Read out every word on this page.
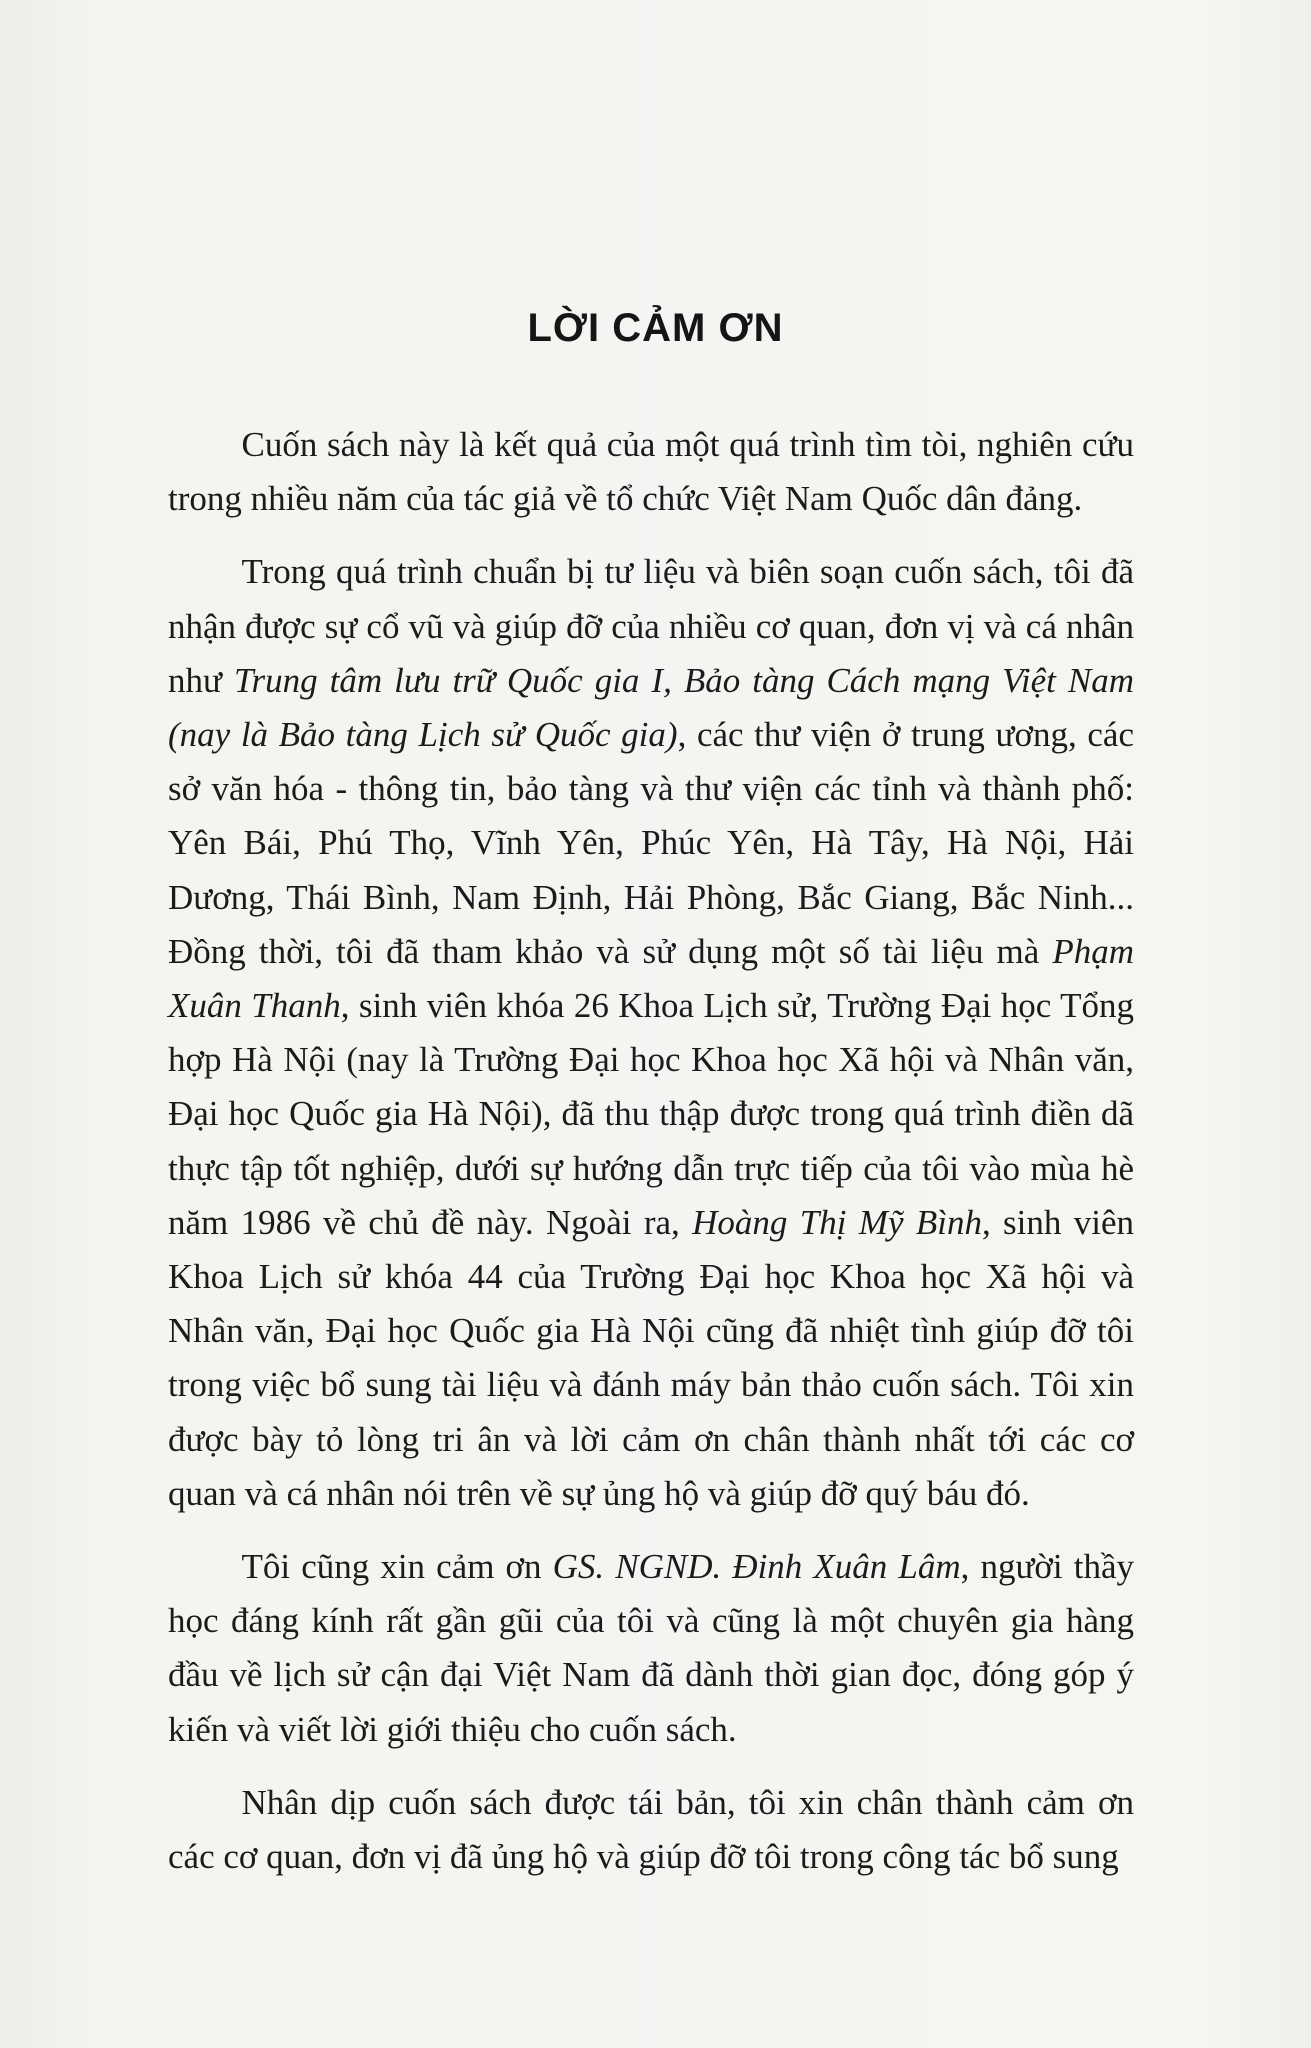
LỜI CẢM ƠN

Cuốn sách này là kết quả của một quá trình tìm tòi, nghiên cứu trong nhiều năm của tác giả về tổ chức Việt Nam Quốc dân đảng.

Trong quá trình chuẩn bị tư liệu và biên soạn cuốn sách, tôi đã nhận được sự cổ vũ và giúp đỡ của nhiều cơ quan, đơn vị và cá nhân như Trung tâm lưu trữ Quốc gia I, Bảo tàng Cách mạng Việt Nam (nay là Bảo tàng Lịch sử Quốc gia), các thư viện ở trung ương, các sở văn hóa - thông tin, bảo tàng và thư viện các tỉnh và thành phố: Yên Bái, Phú Thọ, Vĩnh Yên, Phúc Yên, Hà Tây, Hà Nội, Hải Dương, Thái Bình, Nam Định, Hải Phòng, Bắc Giang, Bắc Ninh... Đồng thời, tôi đã tham khảo và sử dụng một số tài liệu mà Phạm Xuân Thanh, sinh viên khóa 26 Khoa Lịch sử, Trường Đại học Tổng hợp Hà Nội (nay là Trường Đại học Khoa học Xã hội và Nhân văn, Đại học Quốc gia Hà Nội), đã thu thập được trong quá trình điền dã thực tập tốt nghiệp, dưới sự hướng dẫn trực tiếp của tôi vào mùa hè năm 1986 về chủ đề này. Ngoài ra, Hoàng Thị Mỹ Bình, sinh viên Khoa Lịch sử khóa 44 của Trường Đại học Khoa học Xã hội và Nhân văn, Đại học Quốc gia Hà Nội cũng đã nhiệt tình giúp đỡ tôi trong việc bổ sung tài liệu và đánh máy bản thảo cuốn sách. Tôi xin được bày tỏ lòng tri ân và lời cảm ơn chân thành nhất tới các cơ quan và cá nhân nói trên về sự ủng hộ và giúp đỡ quý báu đó.

Tôi cũng xin cảm ơn GS. NGND. Đinh Xuân Lâm, người thầy học đáng kính rất gần gũi của tôi và cũng là một chuyên gia hàng đầu về lịch sử cận đại Việt Nam đã dành thời gian đọc, đóng góp ý kiến và viết lời giới thiệu cho cuốn sách.

Nhân dịp cuốn sách được tái bản, tôi xin chân thành cảm ơn các cơ quan, đơn vị đã ủng hộ và giúp đỡ tôi trong công tác bổ sung
